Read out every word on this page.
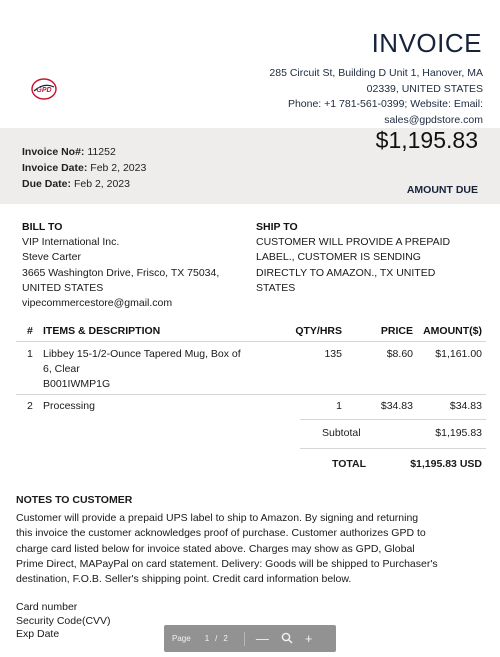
INVOICE
GPD
285 Circuit St, Building D Unit 1, Hanover, MA
02339, UNITED STATES
Phone: +1 781-561-0399; Website: Email:
sales@gpdstore.com
Invoice No#: 11252
Invoice Date: Feb 2, 2023
Due Date: Feb 2, 2023
$1,195.83
AMOUNT DUE
BILL TO
VIP International Inc.
Steve Carter
3665 Washington Drive, Frisco, TX 75034,
UNITED STATES
vipecommercestore@gmail.com
SHIP TO
CUSTOMER WILL PROVIDE A PREPAID
LABEL., CUSTOMER IS SENDING
DIRECTLY TO AMAZON., TX UNITED
STATES
# ITEMS & DESCRIPTION	QTY/HRS	PRICE AMOUNT($)
1 Libbey 15-1/2-Ounce Tapered Mug, Box of
6, Clear
B001IWMP1G
135	$8.60	$1,161.00
2 Processing	1	$34.83	$34.83
Subtotal	$1,195.83
TOTAL	$1,195.83 USD
NOTES TO CUSTOMER
Customer will provide a prepaid UPS label to ship to Amazon. By signing and returning
this invoice the customer acknowledges proof of purchase. Customer authorizes GPD to
charge card listed below for invoice stated above. Charges may show as GPD, Global
Prime Direct, MAPayPal on card statement. Delivery: Goods will be shipped to Purchaser's
destination, F.O.B. Seller's shipping point. Credit card information below.
Card number
Security Code(CVV)
Exp Date	Page 1 / 2 —	+
